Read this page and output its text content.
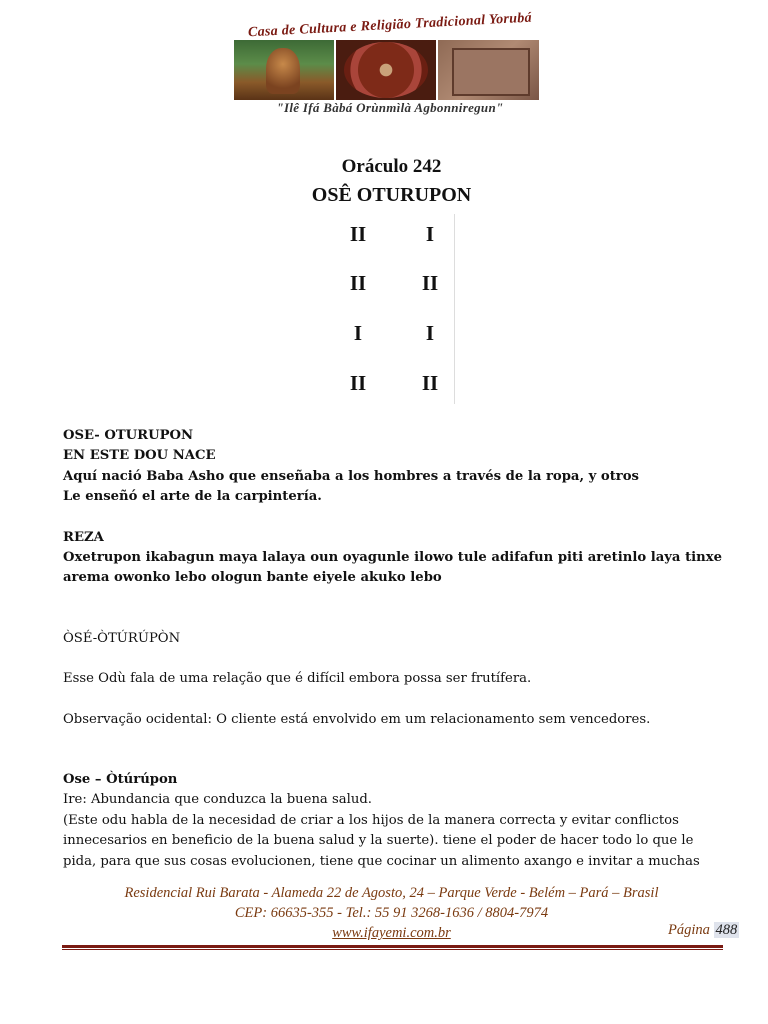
Casa de Cultura e Religião Tradicional Yorubá
"Ilê Ifá Bàbá Orùnmìlà Agbonniregun"
Oráculo 242
OSÊ OTURUPON
II	I
II	II
I	I
II	II

OSE- OTURUPON

EN ESTE DOU NACE

Aquí nació Baba Asho que enseñaba a los hombres a través de la ropa, y otros

Le enseñó el arte de la carpintería.

REZA

Oxetrupon ikabagun maya lalaya oun oyagunle ilowo tule adifafun piti aretinlo laya tinxe

arema owonko lebo ologun bante eiyele akuko lebo

ÒSÉ-ÒTÚRÚPÒN

Esse Odù fala de uma relação que é difícil embora possa ser frutífera.

Observação ocidental: O cliente está envolvido em um relacionamento sem vencedores.

Ose – Òtúrúpon

Ire: Abundancia que conduzca la buena salud.

(Este odu habla de la necesidad de criar a los hijos de la manera correcta y evitar conflictos

innecesarios en beneficio de la buena salud y la suerte). tiene el poder de hacer todo lo que le

pida, para que sus cosas evolucionen, tiene que cocinar un alimento axango e invitar a muchas

Residencial Rui Barata - Alameda 22 de Agosto, 24 – Parque Verde - Belém – Pará – Brasil
CEP: 66635-355 - Tel.: 55 91 3268-1636 / 8804-7974
www.ifayemi.com.br	Página 488
